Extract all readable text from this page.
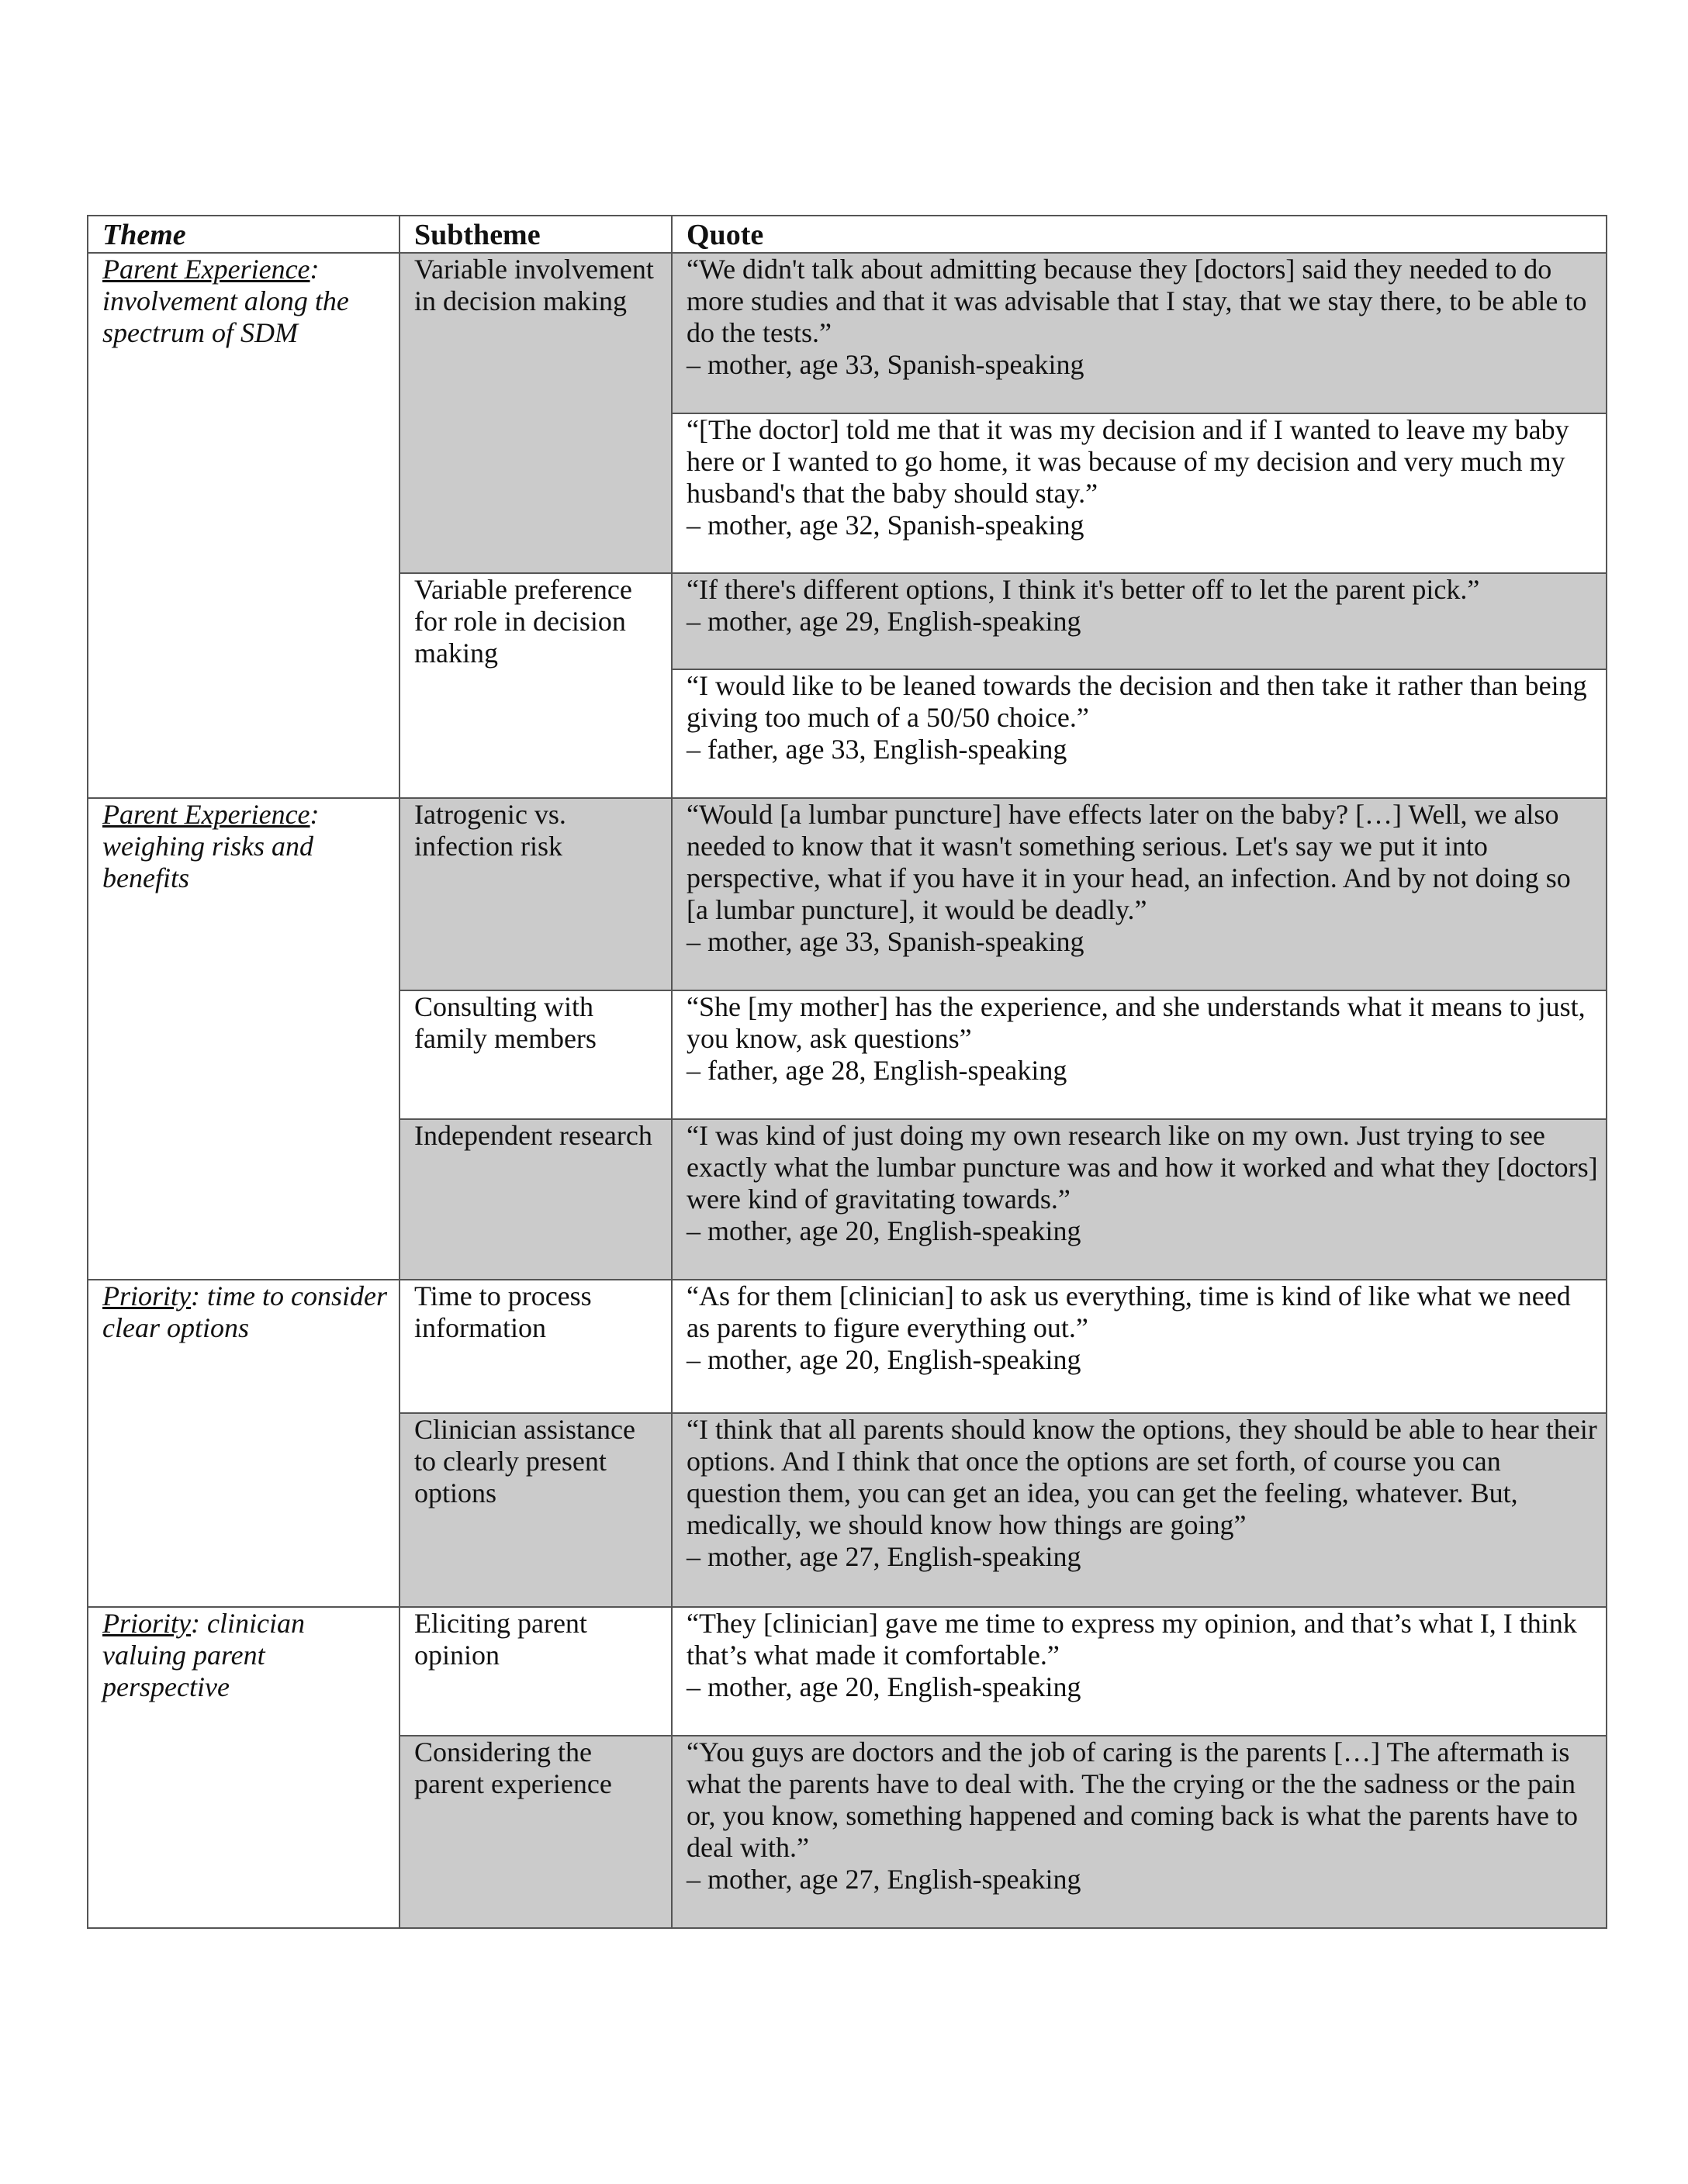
Theme	Subtheme	Quote
Parent Experience: involvement along the spectrum of SDM	Variable involvement in decision making	“We didn't talk about admitting because they [doctors] said they needed to do more studies and that it was advisable that I stay, that we stay there, to be able to do the tests.”
– mother, age 33, Spanish-speaking

		“[The doctor] told me that it was my decision and if I wanted to leave my baby here or I wanted to go home, it was because of my decision and very much my husband's that the baby should stay.”
– mother, age 32, Spanish-speaking

	Variable preference for role in decision making	“If there's different options, I think it's better off to let the parent pick.”
– mother, age 29, English-speaking

		“I would like to be leaned towards the decision and then take it rather than being giving too much of a 50/50 choice.”
– father, age 33, English-speaking

Parent Experience: weighing risks and benefits	Iatrogenic vs. infection risk	“Would [a lumbar puncture] have effects later on the baby? […] Well, we also needed to know that it wasn't something serious. Let's say we put it into perspective, what if you have it in your head, an infection. And by not doing so [a lumbar puncture], it would be deadly.”
– mother, age 33, Spanish-speaking

	Consulting with family members	“She [my mother] has the experience, and she understands what it means to just, you know, ask questions”
– father, age 28, English-speaking

	Independent research	“I was kind of just doing my own research like on my own. Just trying to see exactly what the lumbar puncture was and how it worked and what they [doctors] were kind of gravitating towards.”
– mother, age 20, English-speaking

Priority: time to consider clear options	Time to process information	“As for them [clinician] to ask us everything, time is kind of like what we need as parents to figure everything out.”
– mother, age 20, English-speaking

	Clinician assistance to clearly present options	“I think that all parents should know the options, they should be able to hear their options. And I think that once the options are set forth, of course you can question them, you can get an idea, you can get the feeling, whatever. But, medically, we should know how things are going”
– mother, age 27, English-speaking

Priority: clinician valuing parent perspective	Eliciting parent opinion	“They [clinician] gave me time to express my opinion, and that’s what I, I think that’s what made it comfortable.”
– mother, age 20, English-speaking

	Considering the parent experience	“You guys are doctors and the job of caring is the parents […] The aftermath is what the parents have to deal with. The the crying or the the sadness or the pain or, you know, something happened and coming back is what the parents have to deal with.”
– mother, age 27, English-speaking
